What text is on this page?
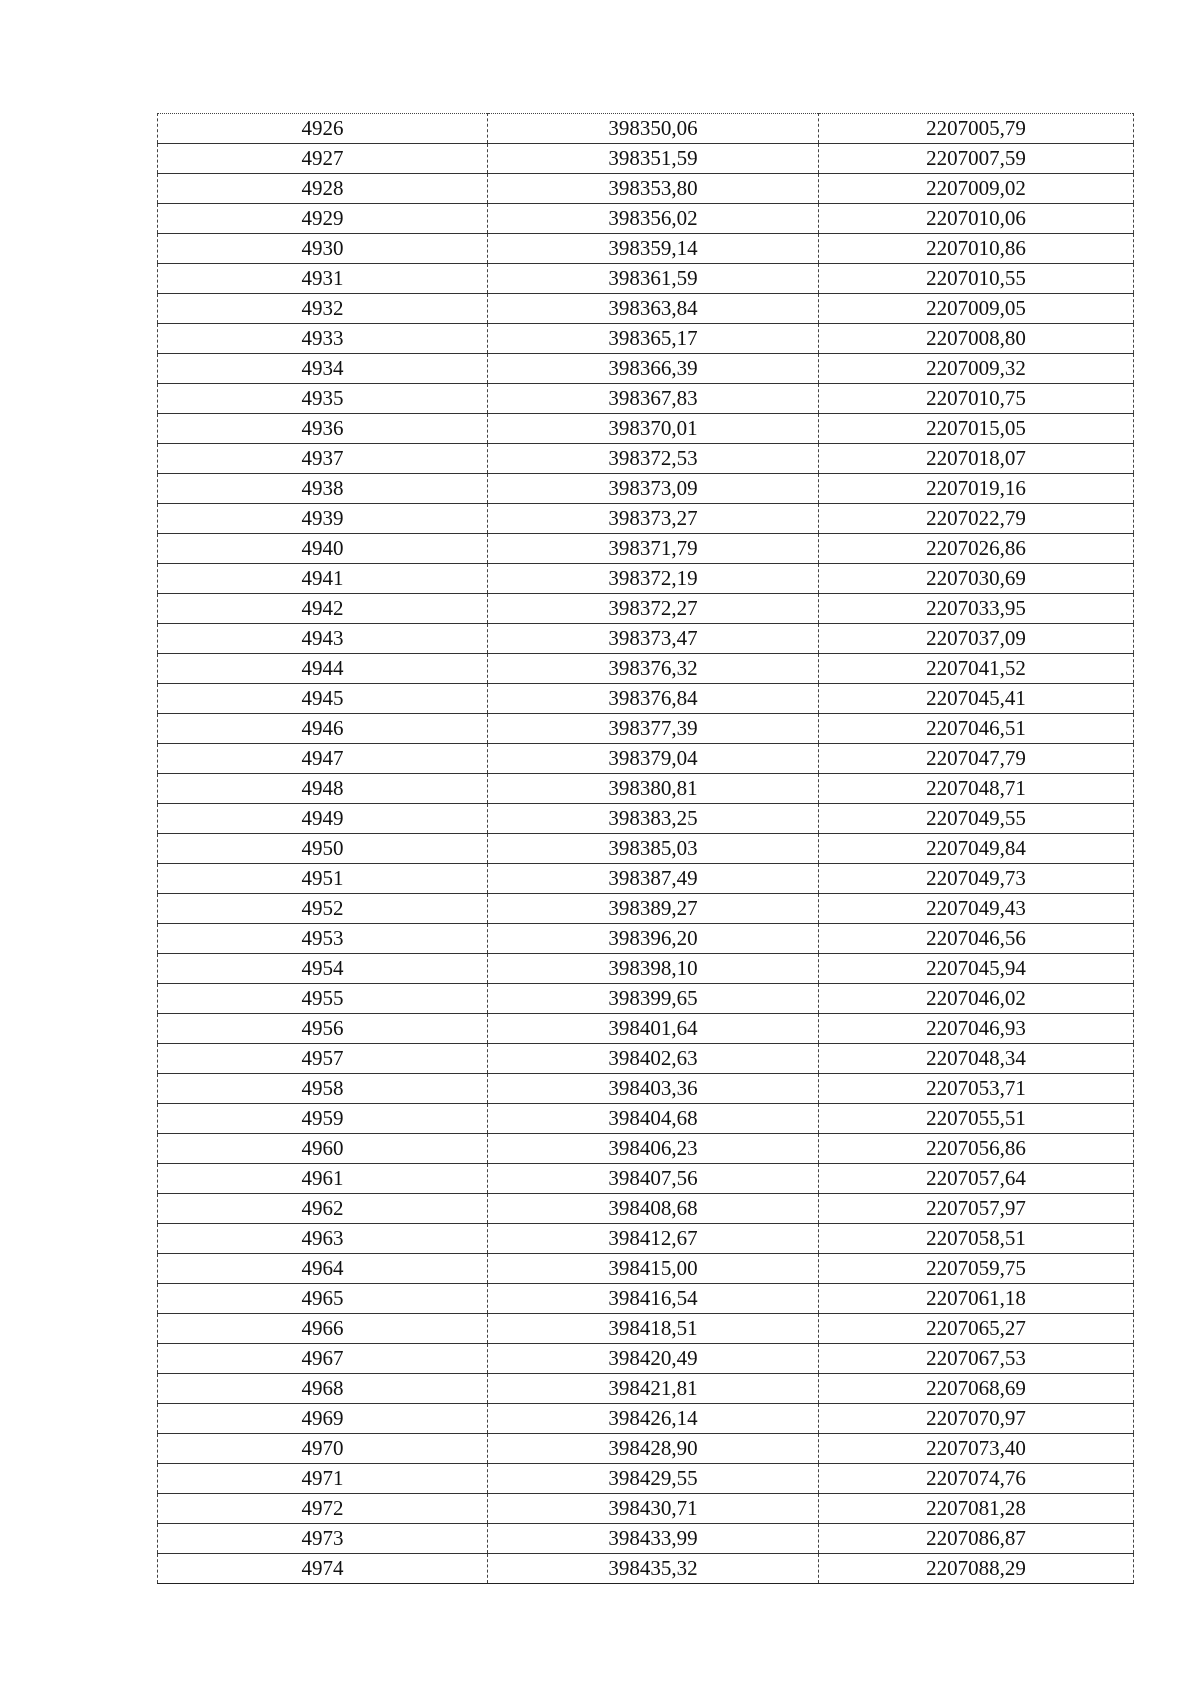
4926	398350,06	2207005,79
4927	398351,59	2207007,59
4928	398353,80	2207009,02
4929	398356,02	2207010,06
4930	398359,14	2207010,86
4931	398361,59	2207010,55
4932	398363,84	2207009,05
4933	398365,17	2207008,80
4934	398366,39	2207009,32
4935	398367,83	2207010,75
4936	398370,01	2207015,05
4937	398372,53	2207018,07
4938	398373,09	2207019,16
4939	398373,27	2207022,79
4940	398371,79	2207026,86
4941	398372,19	2207030,69
4942	398372,27	2207033,95
4943	398373,47	2207037,09
4944	398376,32	2207041,52
4945	398376,84	2207045,41
4946	398377,39	2207046,51
4947	398379,04	2207047,79
4948	398380,81	2207048,71
4949	398383,25	2207049,55
4950	398385,03	2207049,84
4951	398387,49	2207049,73
4952	398389,27	2207049,43
4953	398396,20	2207046,56
4954	398398,10	2207045,94
4955	398399,65	2207046,02
4956	398401,64	2207046,93
4957	398402,63	2207048,34
4958	398403,36	2207053,71
4959	398404,68	2207055,51
4960	398406,23	2207056,86
4961	398407,56	2207057,64
4962	398408,68	2207057,97
4963	398412,67	2207058,51
4964	398415,00	2207059,75
4965	398416,54	2207061,18
4966	398418,51	2207065,27
4967	398420,49	2207067,53
4968	398421,81	2207068,69
4969	398426,14	2207070,97
4970	398428,90	2207073,40
4971	398429,55	2207074,76
4972	398430,71	2207081,28
4973	398433,99	2207086,87
4974	398435,32	2207088,29
